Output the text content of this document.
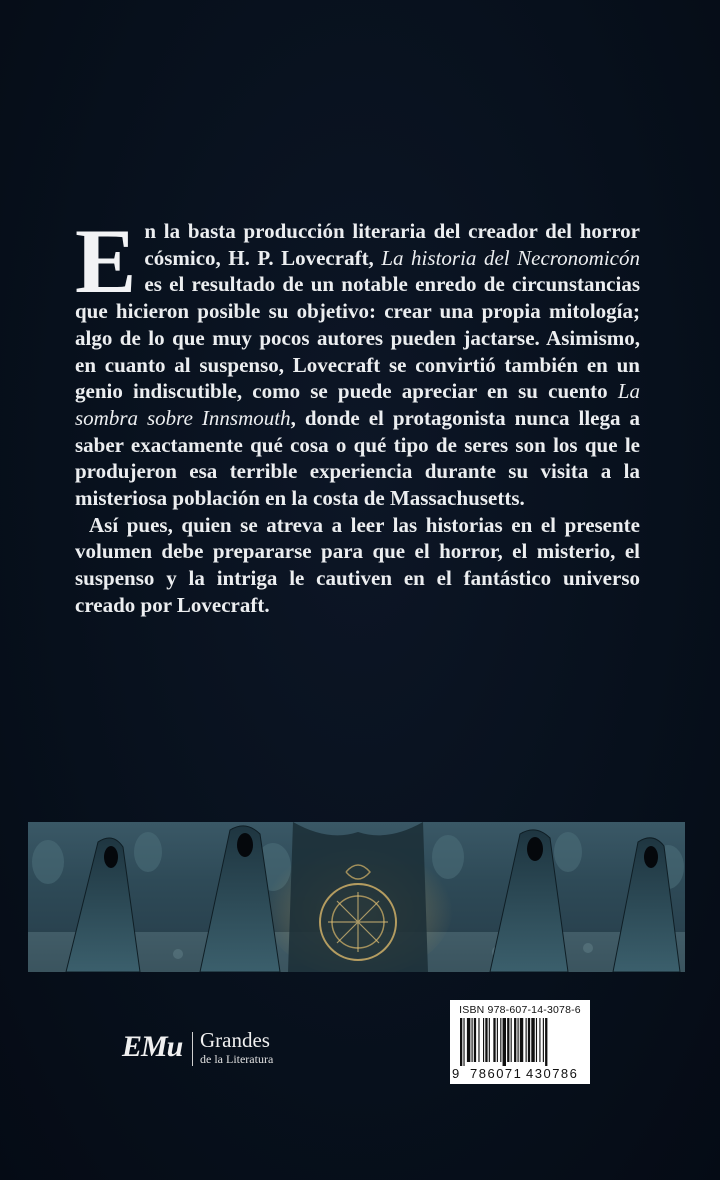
En la basta producción literaria del creador del horror cósmico, H. P. Lovecraft, La historia del Necronomicón es el resultado de un notable enredo de circunstancias que hicieron posible su objetivo: crear una propia mitología; algo de lo que muy pocos autores pueden jactarse. Asimismo, en cuanto al suspenso, Lovecraft se convirtió también en un genio indiscutible, como se puede apreciar en su cuento La sombra sobre Innsmouth, donde el protagonista nunca llega a saber exactamente qué cosa o qué tipo de seres son los que le produjeron esa terrible experiencia durante su visita a la misteriosa población en la costa de Massachusetts.

Así pues, quien se atreva a leer las historias en el presente volumen debe prepararse para que el horror, el misterio, el suspenso y la intriga le cautiven en el fantástico universo creado por Lovecraft.

EMu Grandes
de la Literatura
ISBN 978-607-14-3078-6
9 786071 430786
